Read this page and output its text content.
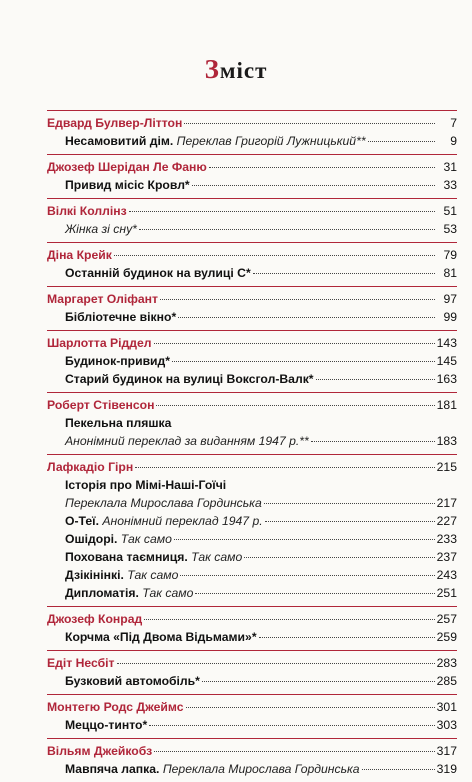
Зміст
Едвард Булвер-Літтон	7
Несамовитий дім. Переклав Григорій Лужницький**	9
Джозеф Шерідан Ле Фаню	31
Привид місіс Кровл*	33
Вілкі Коллінз	51
Жінка зі сну*	53
Діна Крейк	79
Останній будинок на вулиці С*	81
Маргарет Оліфант	97
Бібліотечне вікно*	99
Шарлотта Ріддел	143
Будинок-привид*	145
Старий будинок на вулиці Воксгол-Валк*	163
Роберт Стівенсон	181
Пекельна пляшка
Анонімний переклад за виданням 1947 р.**	183
Лафкадіо Гірн	215
Історія про Мімі-Наші-Гоїчі
Переклала Мирослава Гординська	217
О-Теї. Анонімний переклад 1947 р.	227
Ошідорі. Так само	233
Похована таємниця. Так само	237
Дзікінінкі. Так само	243
Дипломатія. Так само	251
Джозеф Конрад	257
Корчма «Під Двома Відьмами»*	259
Едіт Несбіт	283
Бузковий автомобіль*	285
Монтегю Родс Джеймс	301
Меццо-тинто*	303
Вільям Джейкобз	317
Мавпяча лапка. Переклала Мирослава Гординська	319
